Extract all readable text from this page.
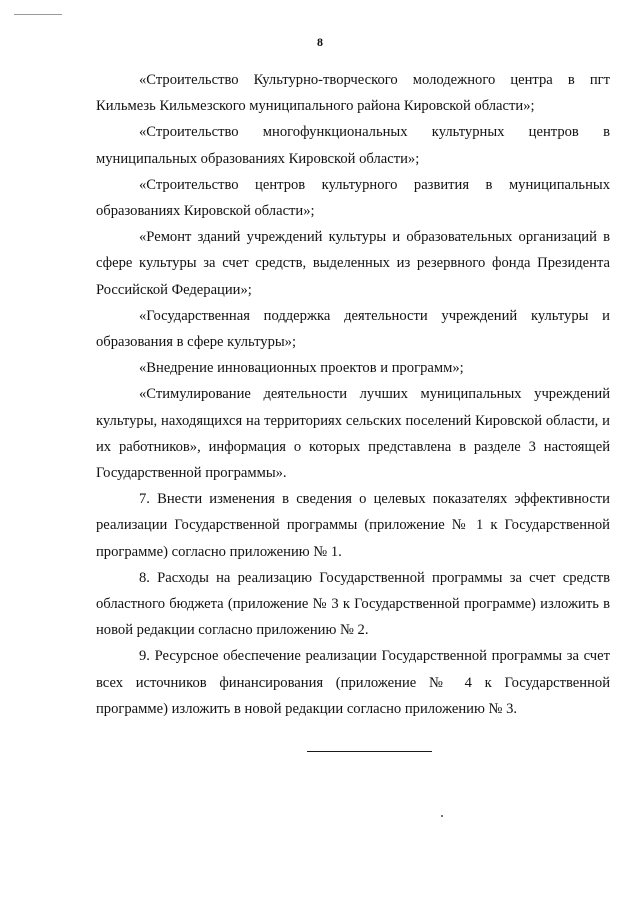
8

«Строительство Культурно-творческого молодежного центра в пгт Кильмезь Кильмезского муниципального района Кировской области»;

«Строительство многофункциональных культурных центров в муниципальных образованиях Кировской области»;

«Строительство центров культурного развития в муниципальных образованиях Кировской области»;

«Ремонт зданий учреждений культуры и образовательных организаций в сфере культуры за счет средств, выделенных из резервного фонда Президента Российской Федерации»;

«Государственная поддержка деятельности учреждений культуры и образования в сфере культуры»;

«Внедрение инновационных проектов и программ»;

«Стимулирование деятельности лучших муниципальных учреждений культуры, находящихся на территориях сельских поселений Кировской области, и их работников», информация о которых представлена в разделе 3 настоящей Государственной программы».

7. Внести изменения в сведения о целевых показателях эффективности реализации Государственной программы (приложение № 1 к Государственной программе) согласно приложению № 1.

8. Расходы на реализацию Государственной программы за счет средств областного бюджета (приложение № 3 к Государственной программе) изложить в новой редакции согласно приложению № 2.

9. Ресурсное обеспечение реализации Государственной программы за счет всех источников финансирования (приложение № 4 к Государственной программе) изложить в новой редакции согласно приложению № 3.
